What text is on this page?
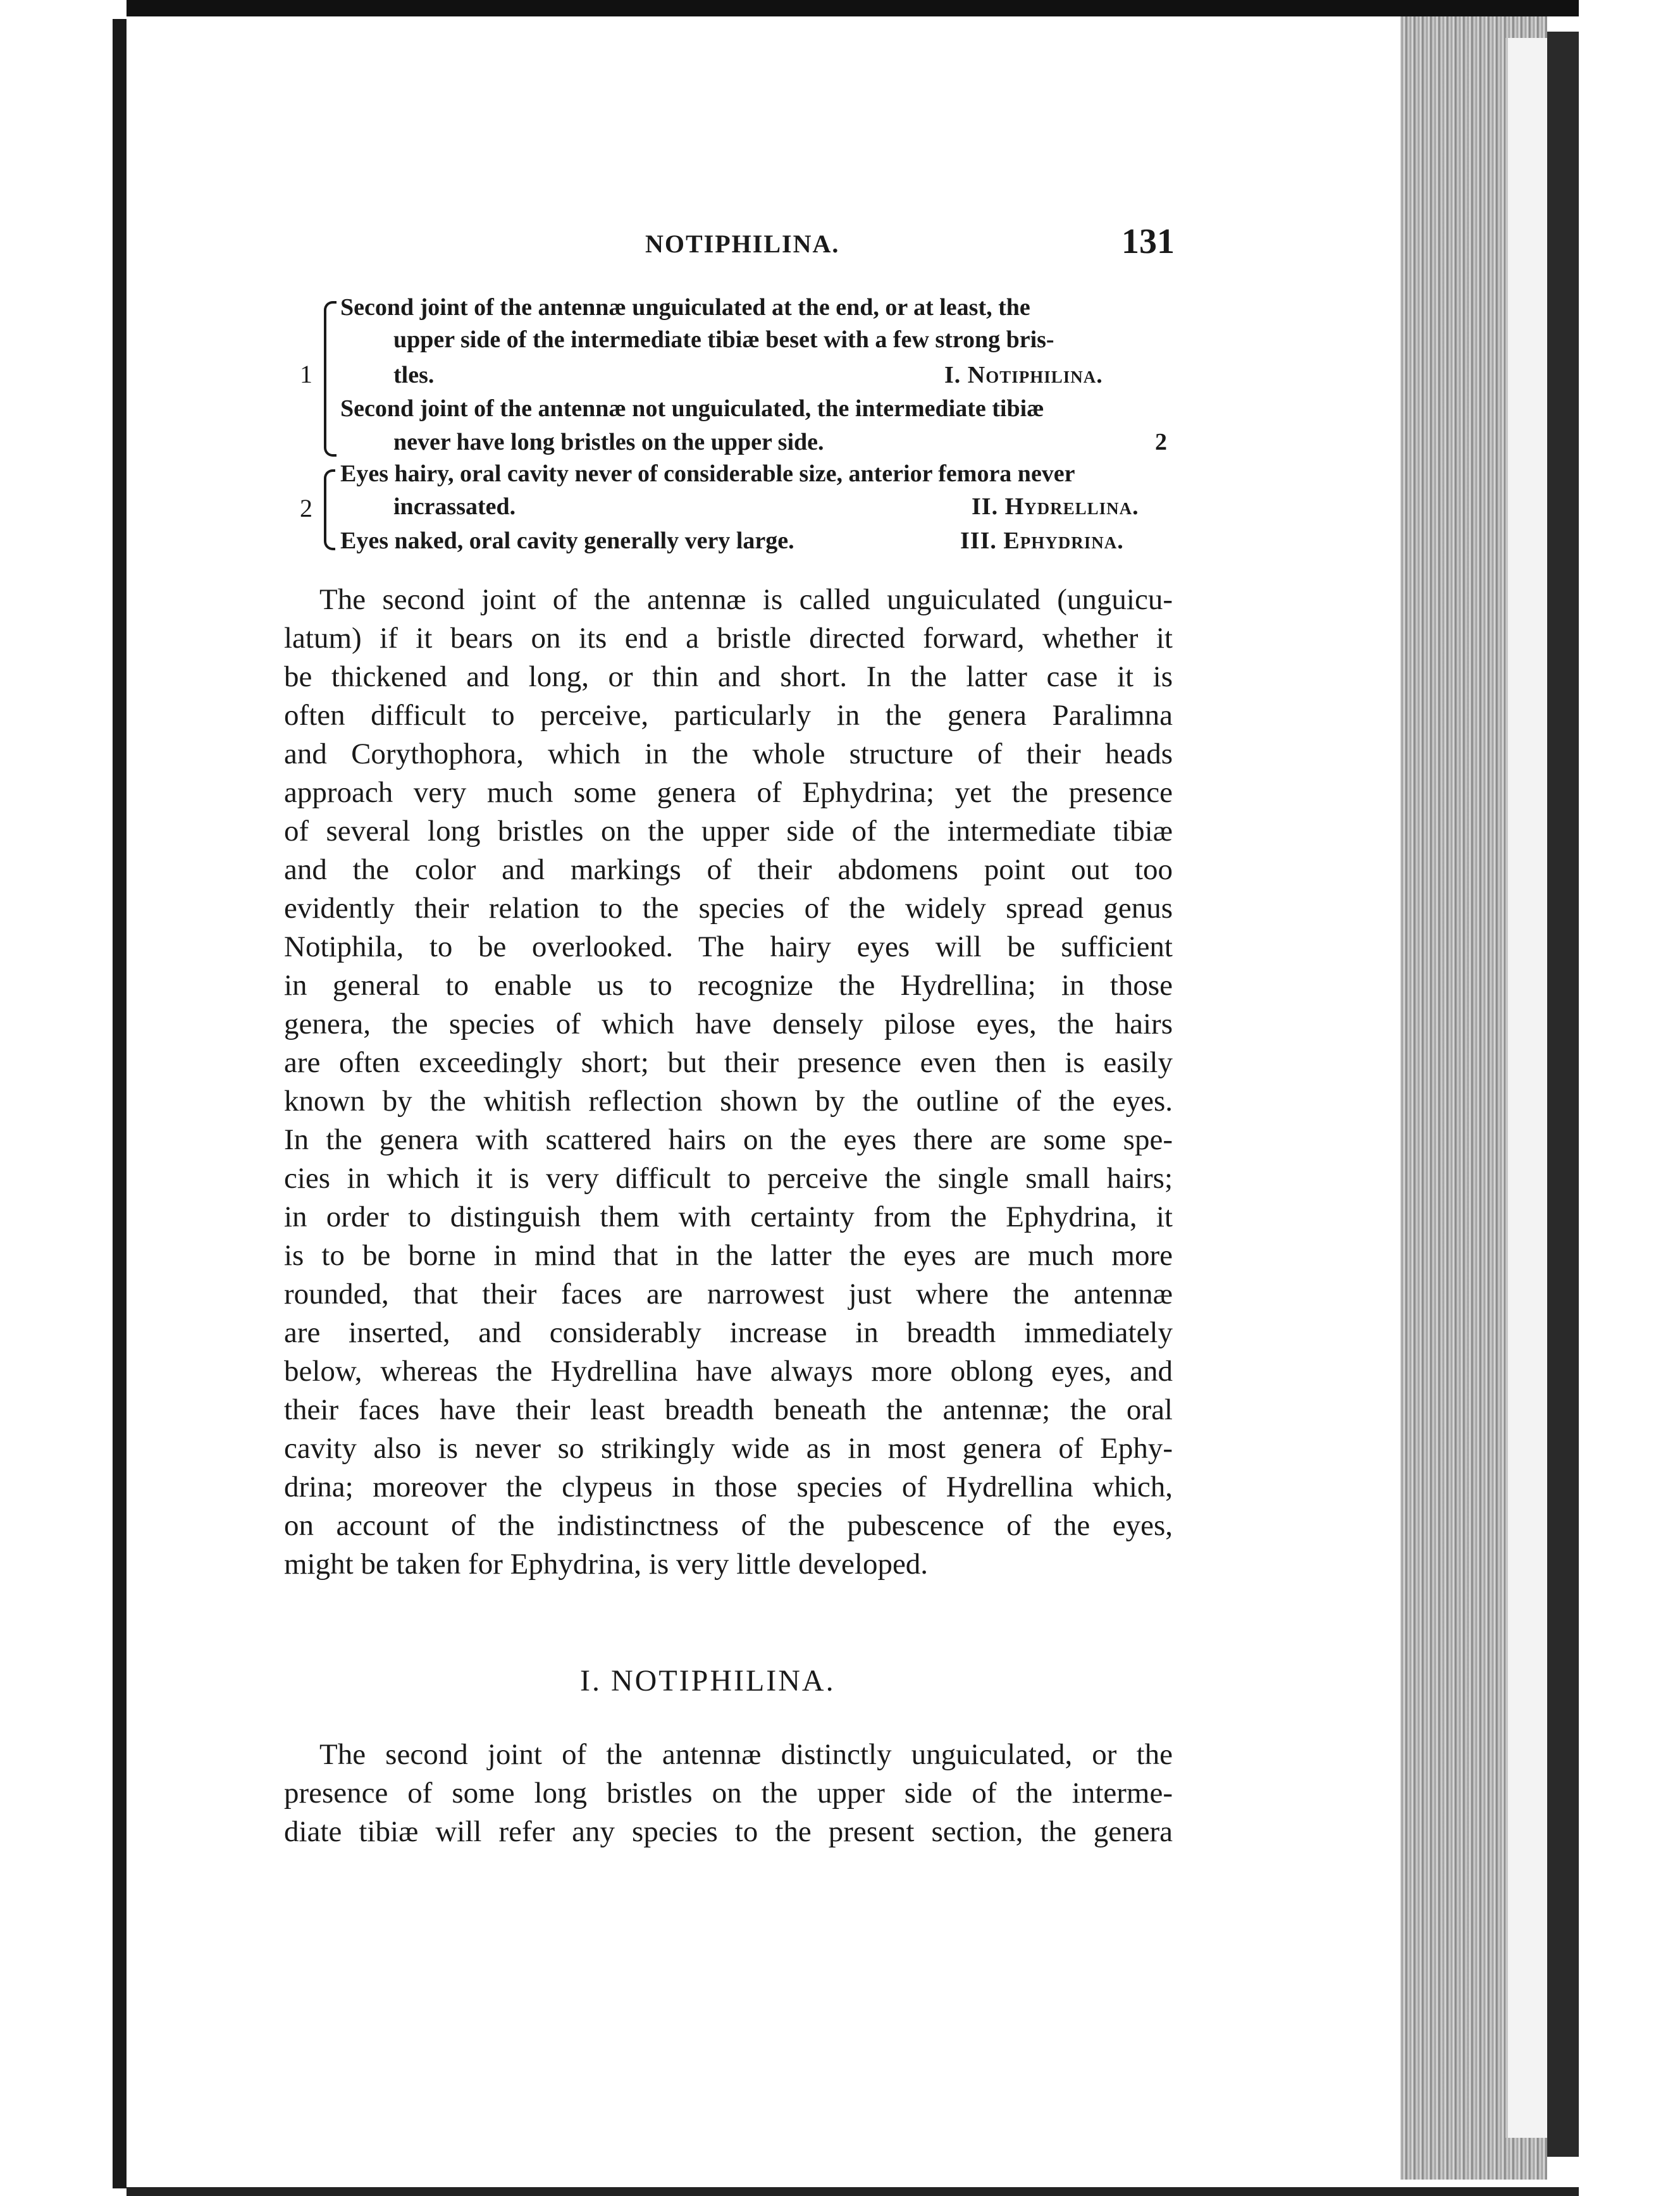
NOTIPHILINA.	131
1
Second joint of the antennæ unguiculated at the end, or at least, the
upper side of the intermediate tibiæ beset with a few strong bris-
tles.	I. Notiphilina.
Second joint of the antennæ not unguiculated, the intermediate tibiæ
never have long bristles on the upper side.	2
2
Eyes hairy, oral cavity never of considerable size, anterior femora never
incrassated.	II. Hydrellina.
Eyes naked, oral cavity generally very large.	III. Ephydrina.
The second joint of the antennæ is called unguiculated (unguicu-
latum) if it bears on its end a bristle directed forward, whether it
be thickened and long, or thin and short. In the latter case it is
often difficult to perceive, particularly in the genera Paralimna
and Corythophora, which in the whole structure of their heads
approach very much some genera of Ephydrina; yet the presence
of several long bristles on the upper side of the intermediate tibiæ
and the color and markings of their abdomens point out too
evidently their relation to the species of the widely spread genus
Notiphila, to be overlooked. The hairy eyes will be sufficient
in general to enable us to recognize the Hydrellina; in those
genera, the species of which have densely pilose eyes, the hairs
are often exceedingly short; but their presence even then is easily
known by the whitish reflection shown by the outline of the eyes.
In the genera with scattered hairs on the eyes there are some spe-
cies in which it is very difficult to perceive the single small hairs;
in order to distinguish them with certainty from the Ephydrina, it
is to be borne in mind that in the latter the eyes are much more
rounded, that their faces are narrowest just where the antennæ
are inserted, and considerably increase in breadth immediately
below, whereas the Hydrellina have always more oblong eyes, and
their faces have their least breadth beneath the antennæ; the oral
cavity also is never so strikingly wide as in most genera of Ephy-
drina; moreover the clypeus in those species of Hydrellina which,
on account of the indistinctness of the pubescence of the eyes,
might be taken for Ephydrina, is very little developed.
I. NOTIPHILINA.
The second joint of the antennæ distinctly unguiculated, or the
presence of some long bristles on the upper side of the interme-
diate tibiæ will refer any species to the present section, the genera
